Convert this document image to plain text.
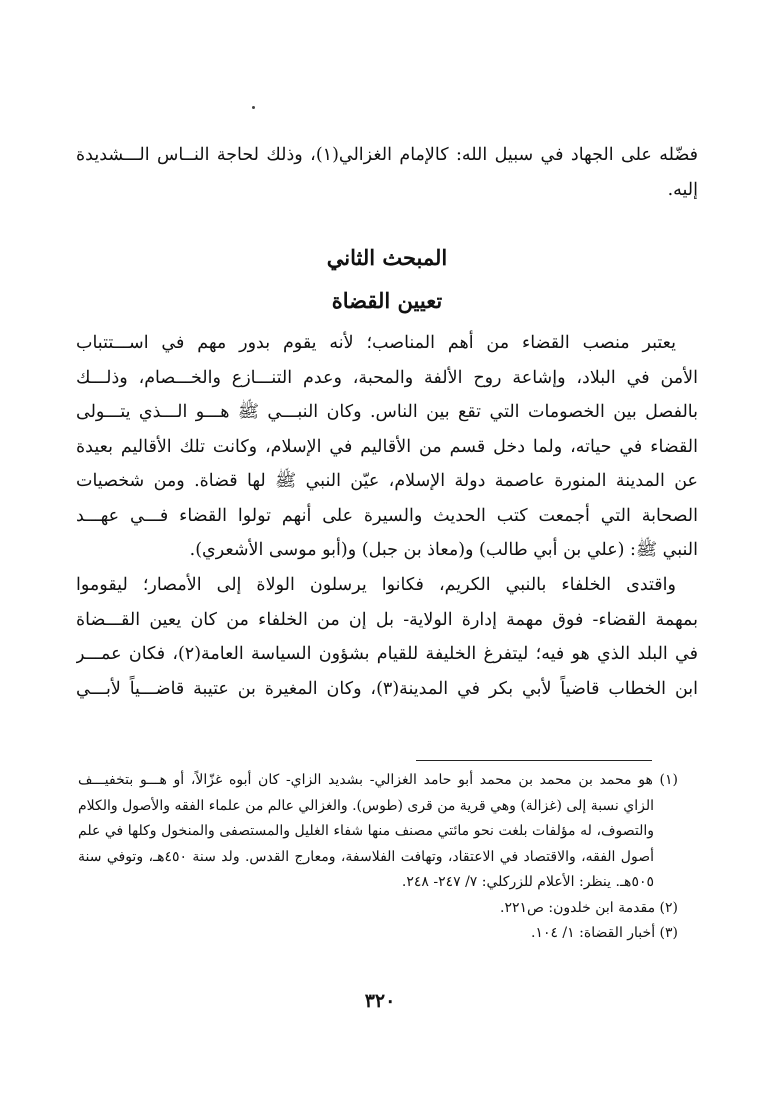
فضّله على الجهاد في سبيل الله: كالإمام الغزالي(١)، وذلك لحاجة النــاس الـــشديدة
إليه.
المبحث الثاني
تعيين القضاة
يعتبر منصب القضاء من أهم المناصب؛ لأنه يقوم بدور مهم في اســـتتباب
الأمن في البلاد، وإشاعة روح الألفة والمحبة، وعدم التنـــازع والخـــصام، وذلـــك
بالفصل بين الخصومات التي تقع بين الناس. وكان النبـــي ﷺ هـــو الـــذي يتـــولى
القضاء في حياته، ولما دخل قسم من الأقاليم في الإسلام، وكانت تلك الأقاليم بعيدة
عن المدينة المنورة عاصمة دولة الإسلام، عيّن النبي ﷺ لها قضاة. ومن شخصيات
الصحابة التي أجمعت كتب الحديث والسيرة على أنهم تولوا القضاء فـــي عهـــد
النبي ﷺ: (علي بن أبي طالب) و(معاذ بن جبل) و(أبو موسى الأشعري).
واقتدى الخلفاء بالنبي الكريم، فكانوا يرسلون الولاة إلى الأمصار؛ ليقوموا
بمهمة القضاء- فوق مهمة إدارة الولاية- بل إن من الخلفاء من كان يعين القـــضاة
في البلد الذي هو فيه؛ ليتفرغ الخليفة للقيام بشؤون السياسة العامة(٢)، فكان عمـــر
ابن الخطاب قاضياً لأبي بكر في المدينة(٣)، وكان المغيرة بن عتيبة قاضـــياً لأبـــي
(١) هو محمد بن محمد بن محمد أبو حامد الغزالي- بشديد الزاي- كان أبوه غزّالاً، أو هـــو بتخفيـــف
الزاي نسبة إلى (غزالة) وهي قرية من قرى (طوس). والغزالي عالم من علماء الفقه والأصول والكلام
والتصوف، له مؤلفات بلغت نحو مائتي مصنف منها شفاء الغليل والمستصفى والمنخول وكلها في علم
أصول الفقه، والاقتصاد في الاعتقاد، وتهافت الفلاسفة، ومعارج القدس. ولد سنة ٤٥٠هـ، وتوفي سنة
٥٠٥هـ. ينظر: الأعلام للزركلي: ٧/ ٢٤٧- ٢٤٨.
(٢) مقدمة ابن خلدون: ص٢٢١.
(٣) أخبار القضاة: ١/ ١٠٤.
٣٢٠
